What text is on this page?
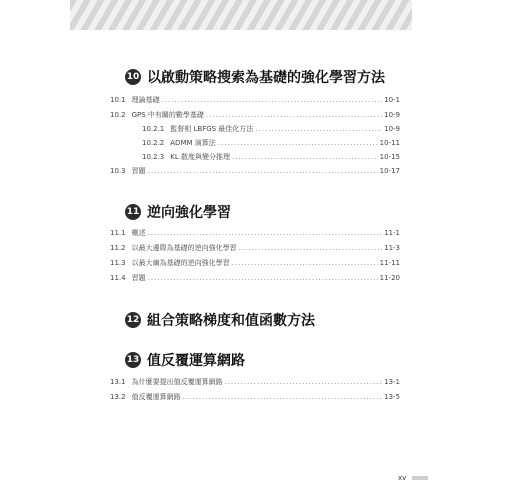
10 以啟動策略搜索為基礎的強化學習方法
10.1 理論基礎 .....	10-1
10.2 GPS 中有關的數學基礎 .....	10-9
10.2.1 監督相 LBFGS 最佳化方法 .....	10-9
10.2.2 ADMM 演算法 .....	10-11
10.2.3 KL 散度與變分推理 .....	10-15
10.3 習題 .....	10-17
11 逆向強化學習
11.1 概述 .....	11-1
11.2 以最大邊際為基礎的逆向強化學習 .....	11-3
11.3 以最大熵為基礎的逆向強化學習 .....	11-11
11.4 習題 .....	11-20
12 組合策略梯度和值函數方法
13 值反覆運算網路
13.1 為什麼要提出值反覆運算網路 .....	13-1
13.2 值反覆運算網路 .....	13-5
xv
